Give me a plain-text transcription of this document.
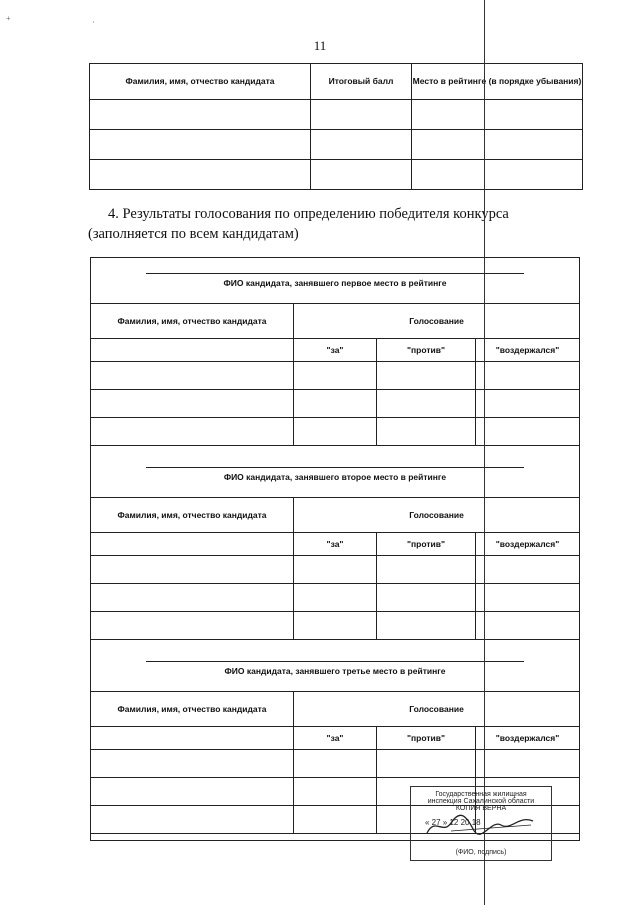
+	·
11
Фамилия, имя, отчество кандидата	Итоговый балл	Место в рейтинге (в порядке убывания)

4. Результаты голосования по определению победителя конкурса (заполняется по всем кандидатам)
ФИО кандидата, занявшего первое место в рейтинге
Фамилия, имя, отчество кандидата	Голосование		
	"за"	"против"	"воздержался"

ФИО кандидата, занявшего второе место в рейтинге
Фамилия, имя, отчество кандидата	Голосование		
	"за"	"против"	"воздержался"

ФИО кандидата, занявшего третье место в рейтинге
Фамилия, имя, отчество кандидата	Голосование		
	"за"	"против"	"воздержался"

Государственная жилищная
инспекция Сахалинской области
КОПИЯ ВЕРНА
« 27 » 12 20 18
(ФИО, подпись)
